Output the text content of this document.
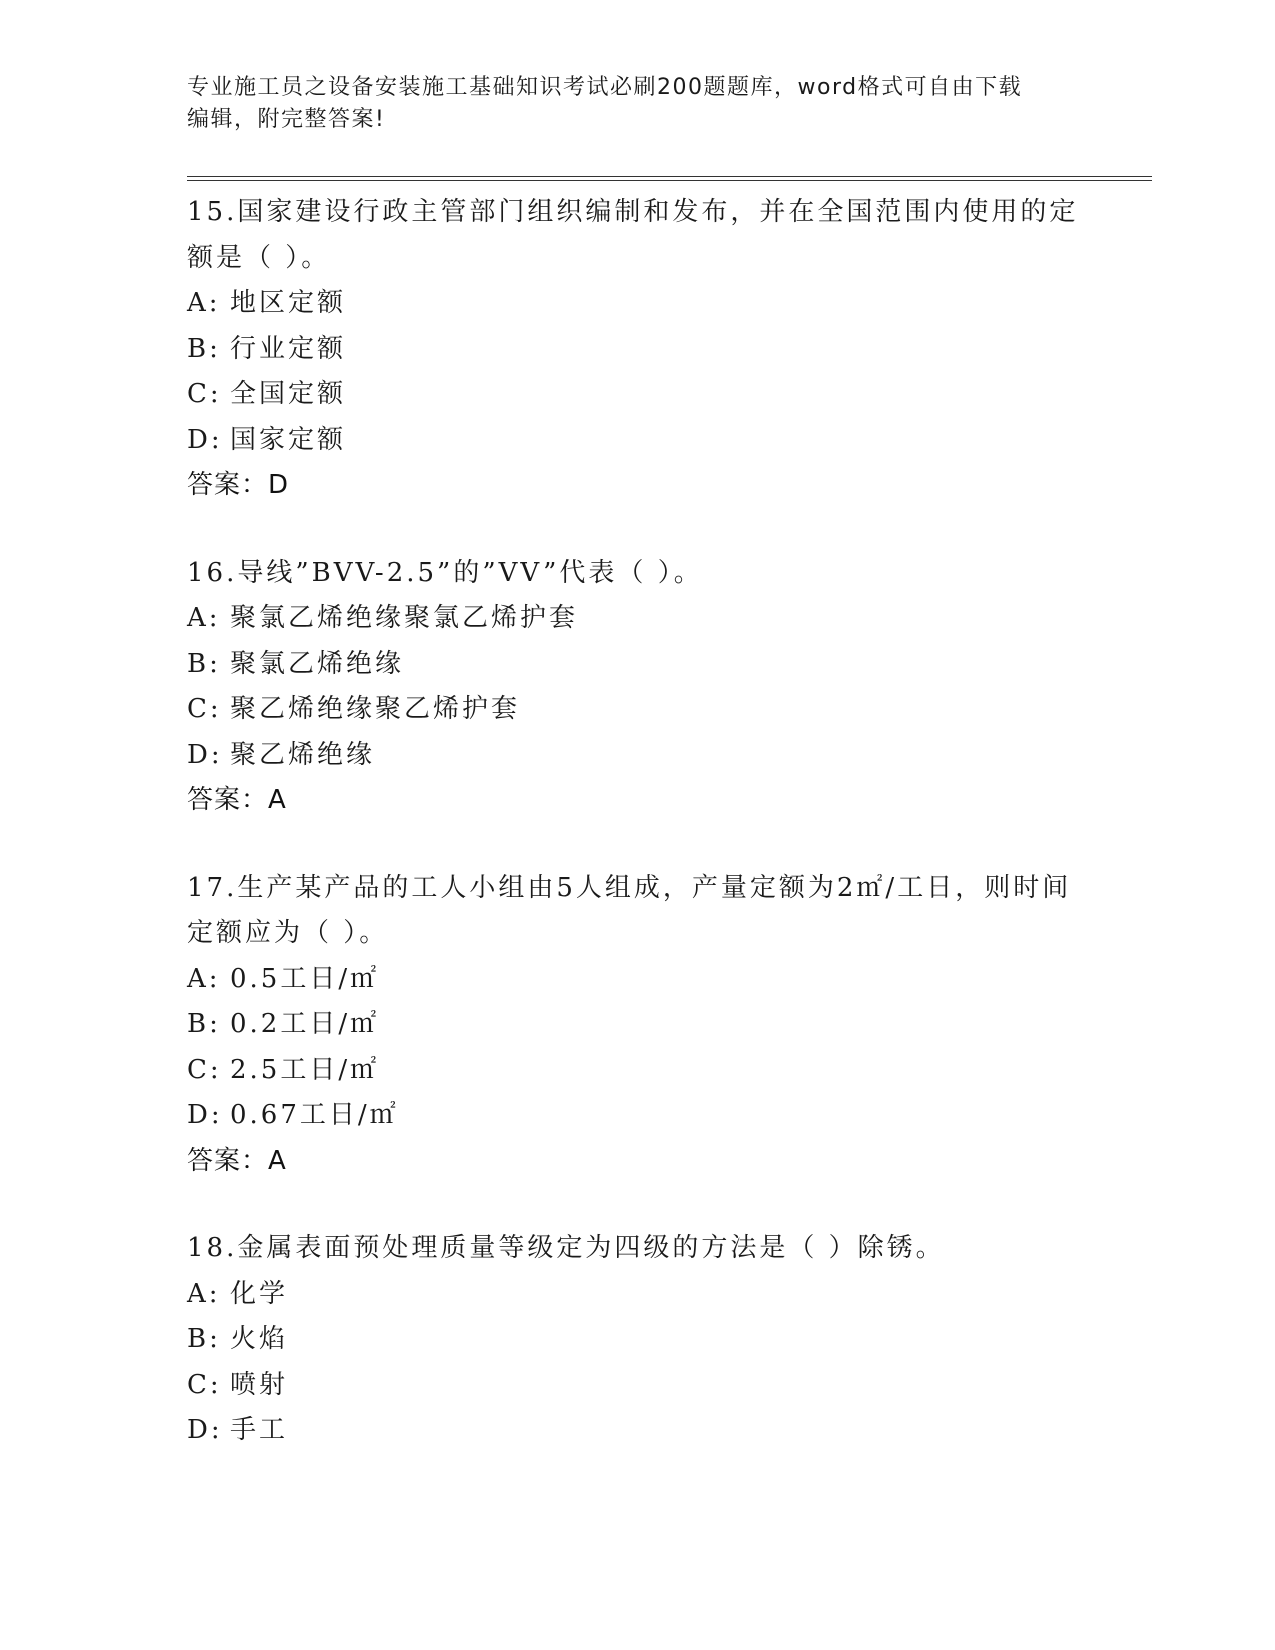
专业施工员之设备安装施工基础知识考试必刷200题题库，word格式可自由下载
编辑，附完整答案!

15.国家建设行政主管部门组织编制和发布，并在全国范围内使用的定额是（ ）。

A: 地区定额

B: 行业定额

C: 全国定额

D: 国家定额

答案：D

16.导线”BVV-2.5”的”VV”代表（ ）。

A: 聚氯乙烯绝缘聚氯乙烯护套

B: 聚氯乙烯绝缘

C: 聚乙烯绝缘聚乙烯护套

D: 聚乙烯绝缘

答案：A

17.生产某产品的工人小组由5人组成，产量定额为2㎡/工日，则时间定额应为（ ）。

A: 0.5工日/㎡

B: 0.2工日/㎡

C: 2.5工日/㎡

D: 0.67工日/㎡

答案：A

18.金属表面预处理质量等级定为四级的方法是（ ）除锈。

A: 化学

B: 火焰

C: 喷射

D: 手工
